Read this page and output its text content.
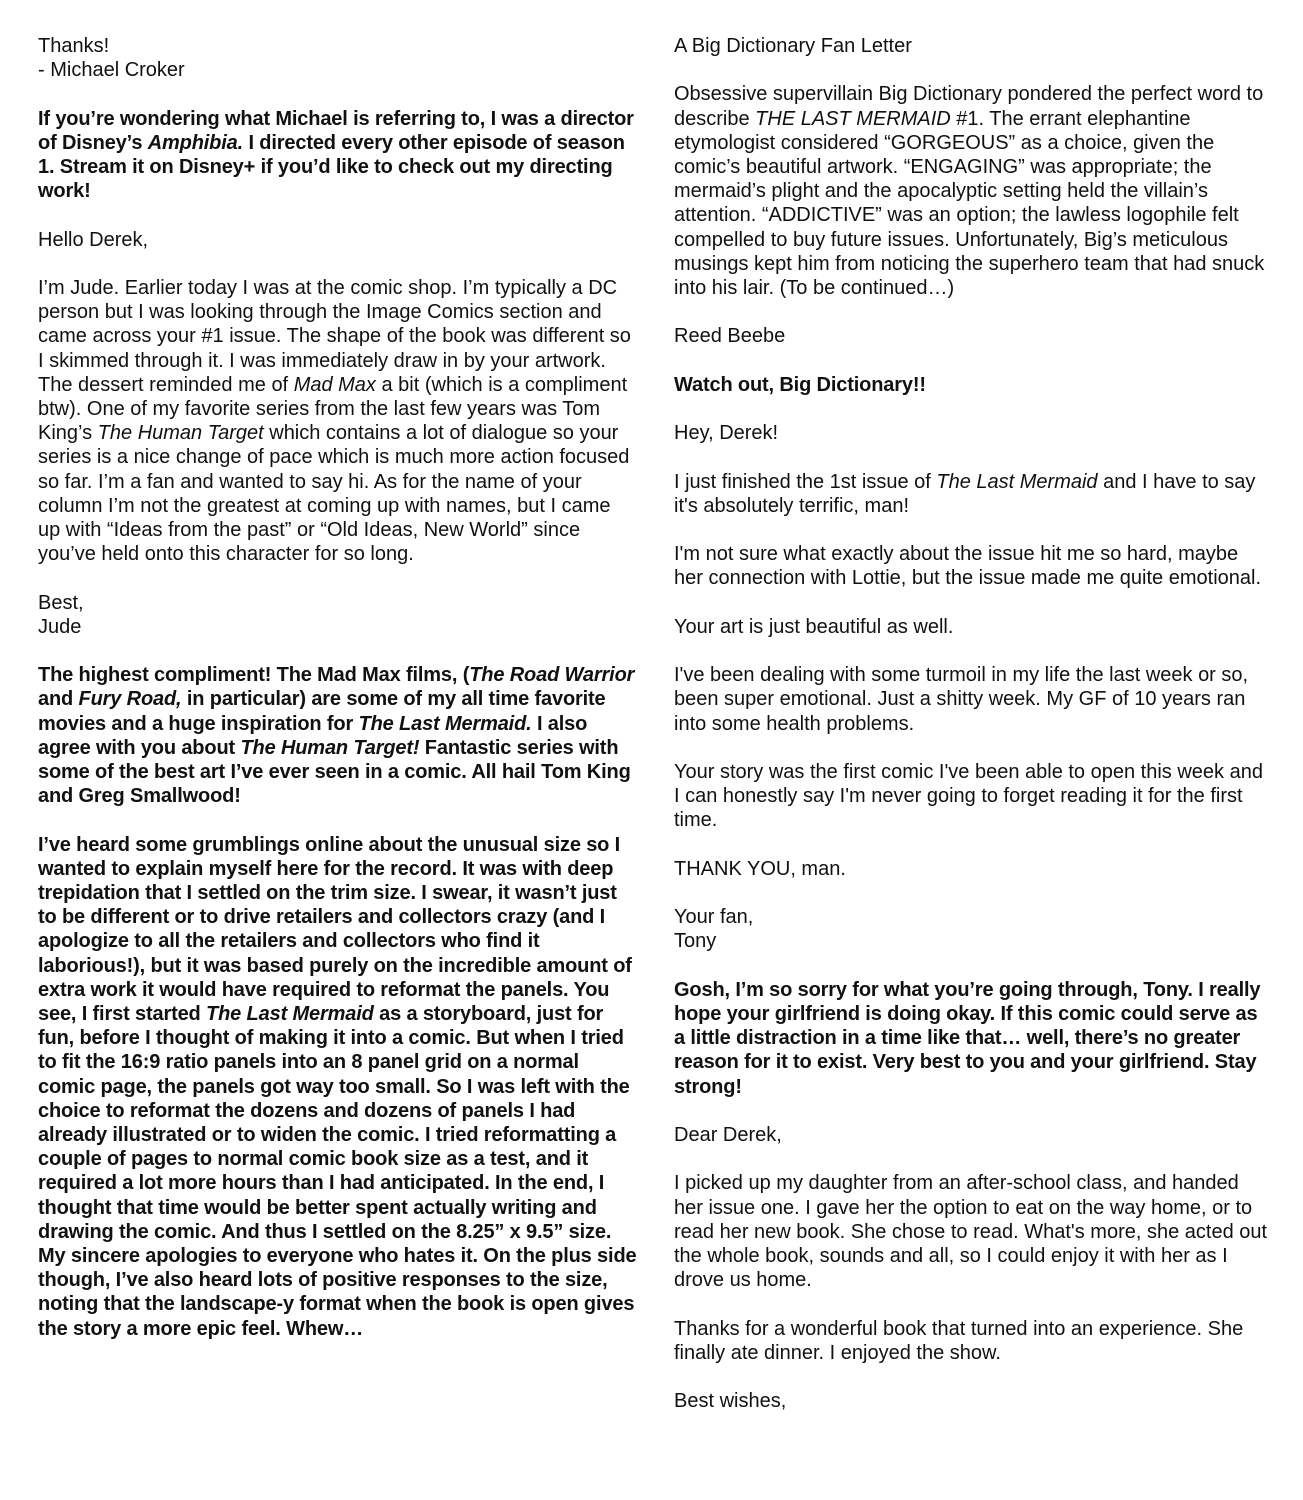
Thanks!
- Michael Croker

If you’re wondering what Michael is referring to, I was a director of Disney’s Amphibia. I directed every other episode of season 1. Stream it on Disney+ if you’d like to check out my directing work!

Hello Derek,

I’m Jude. Earlier today I was at the comic shop. I’m typically a DC person but I was looking through the Image Comics section and came across your #1 issue. The shape of the book was different so I skimmed through it. I was immediately draw in by your artwork. The dessert reminded me of Mad Max a bit (which is a compliment btw). One of my favorite series from the last few years was Tom King’s The Human Target which contains a lot of dialogue so your series is a nice change of pace which is much more action focused so far. I’m a fan and wanted to say hi. As for the name of your column I’m not the greatest at coming up with names, but I came up with “Ideas from the past” or “Old Ideas, New World” since you’ve held onto this character for so long.

Best,
Jude

The highest compliment! The Mad Max films, (The Road Warrior and Fury Road, in particular) are some of my all time favorite movies and a huge inspiration for The Last Mermaid. I also agree with you about The Human Target! Fantastic series with some of the best art I’ve ever seen in a comic. All hail Tom King and Greg Smallwood!

I’ve heard some grumblings online about the unusual size so I wanted to explain myself here for the record. It was with deep trepidation that I settled on the trim size. I swear, it wasn’t just to be different or to drive retailers and collectors crazy (and I apologize to all the retailers and collectors who find it laborious!), but it was based purely on the incredible amount of extra work it would have required to reformat the panels. You see, I first started The Last Mermaid as a storyboard, just for fun, before I thought of making it into a comic. But when I tried to fit the 16:9 ratio panels into an 8 panel grid on a normal comic page, the panels got way too small. So I was left with the choice to reformat the dozens and dozens of panels I had already illustrated or to widen the comic. I tried reformatting a couple of pages to normal comic book size as a test, and it required a lot more hours than I had anticipated. In the end, I thought that time would be better spent actually writing and drawing the comic. And thus I settled on the 8.25” x 9.5” size. My sincere apologies to everyone who hates it. On the plus side though, I’ve also heard lots of positive responses to the size, noting that the landscape-y format when the book is open gives the story a more epic feel. Whew…

A Big Dictionary Fan Letter

Obsessive supervillain Big Dictionary pondered the perfect word to describe THE LAST MERMAID #1. The errant elephantine etymologist considered “GORGEOUS” as a choice, given the comic’s beautiful artwork. “ENGAGING” was appropriate; the mermaid’s plight and the apocalyptic setting held the villain’s attention. “ADDICTIVE” was an option; the lawless logophile felt compelled to buy future issues. Unfortunately, Big’s meticulous musings kept him from noticing the superhero team that had snuck into his lair. (To be continued…)

Reed Beebe

Watch out, Big Dictionary!!

Hey, Derek!

I just finished the 1st issue of The Last Mermaid and I have to say it's absolutely terrific, man!

I'm not sure what exactly about the issue hit me so hard, maybe her connection with Lottie, but the issue made me quite emotional.

Your art is just beautiful as well.

I've been dealing with some turmoil in my life the last week or so, been super emotional. Just a shitty week. My GF of 10 years ran into some health problems.

Your story was the first comic I've been able to open this week and I can honestly say I'm never going to forget reading it for the first time.

THANK YOU, man.

Your fan,
Tony

Gosh, I’m so sorry for what you’re going through, Tony. I really hope your girlfriend is doing okay. If this comic could serve as a little distraction in a time like that… well, there’s no greater reason for it to exist. Very best to you and your girlfriend. Stay strong!

Dear Derek,

I picked up my daughter from an after-school class, and handed her issue one. I gave her the option to eat on the way home, or to read her new book. She chose to read. What's more, she acted out the whole book, sounds and all, so I could enjoy it with her as I drove us home.

Thanks for a wonderful book that turned into an experience. She finally ate dinner. I enjoyed the show.

Best wishes,
